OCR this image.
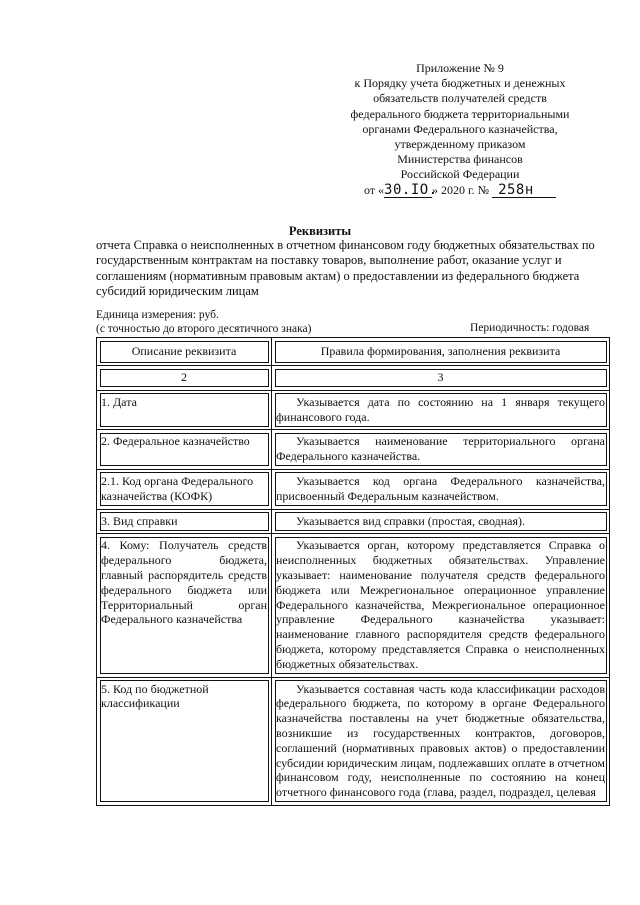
Приложение № 9
к Порядку учета бюджетных и денежных
обязательств получателей средств
федерального бюджета территориальными
органами Федерального казначейства,
утвержденному приказом
Министерства финансов
Российской Федерации
от «30.IO.» 2020 г. № 258н
Реквизиты

отчета Справка о неисполненных в отчетном финансовом году бюджетных обязательствах по государственным контрактам на поставку товаров, выполнение работ, оказание услуг и соглашениям (нормативным правовым актам) о предоставлении из федерального бюджета субсидий юридическим лицам

Единица измерения: руб.
(с точностью до второго десятичного знака)	Периодичность: годовая
Описание реквизита	Правила формирования, заполнения реквизита
2	3
1. Дата	Указывается дата по состоянию на 1 января текущего финансового года.
2. Федеральное казначейство	Указывается наименование территориального органа Федерального казначейства.
2.1. Код органа Федерального казначейства (КОФК)	Указывается код органа Федерального казначейства, присвоенный Федеральным казначейством.
3. Вид справки	Указывается вид справки (простая, сводная).
4. Кому: Получатель средств федерального бюджета, главный распорядитель средств федерального бюджета или Территориальный орган Федерального казначейства	Указывается орган, которому представляется Справка о неисполненных бюджетных обязательствах. Управление указывает: наименование получателя средств федерального бюджета или Межрегиональное операционное управление Федерального казначейства, Межрегиональное операционное управление Федерального казначейства указывает: наименование главного распорядителя средств федерального бюджета, которому представляется Справка о неисполненных бюджетных обязательствах.
5. Код по бюджетной классификации	Указывается составная часть кода классификации расходов федерального бюджета, по которому в органе Федерального казначейства поставлены на учет бюджетные обязательства, возникшие из государственных контрактов, договоров, соглашений (нормативных правовых актов) о предоставлении субсидии юридическим лицам, подлежавших оплате в отчетном финансовом году, неисполненные по состоянию на конец отчетного финансового года (глава, раздел, подраздел, целевая
